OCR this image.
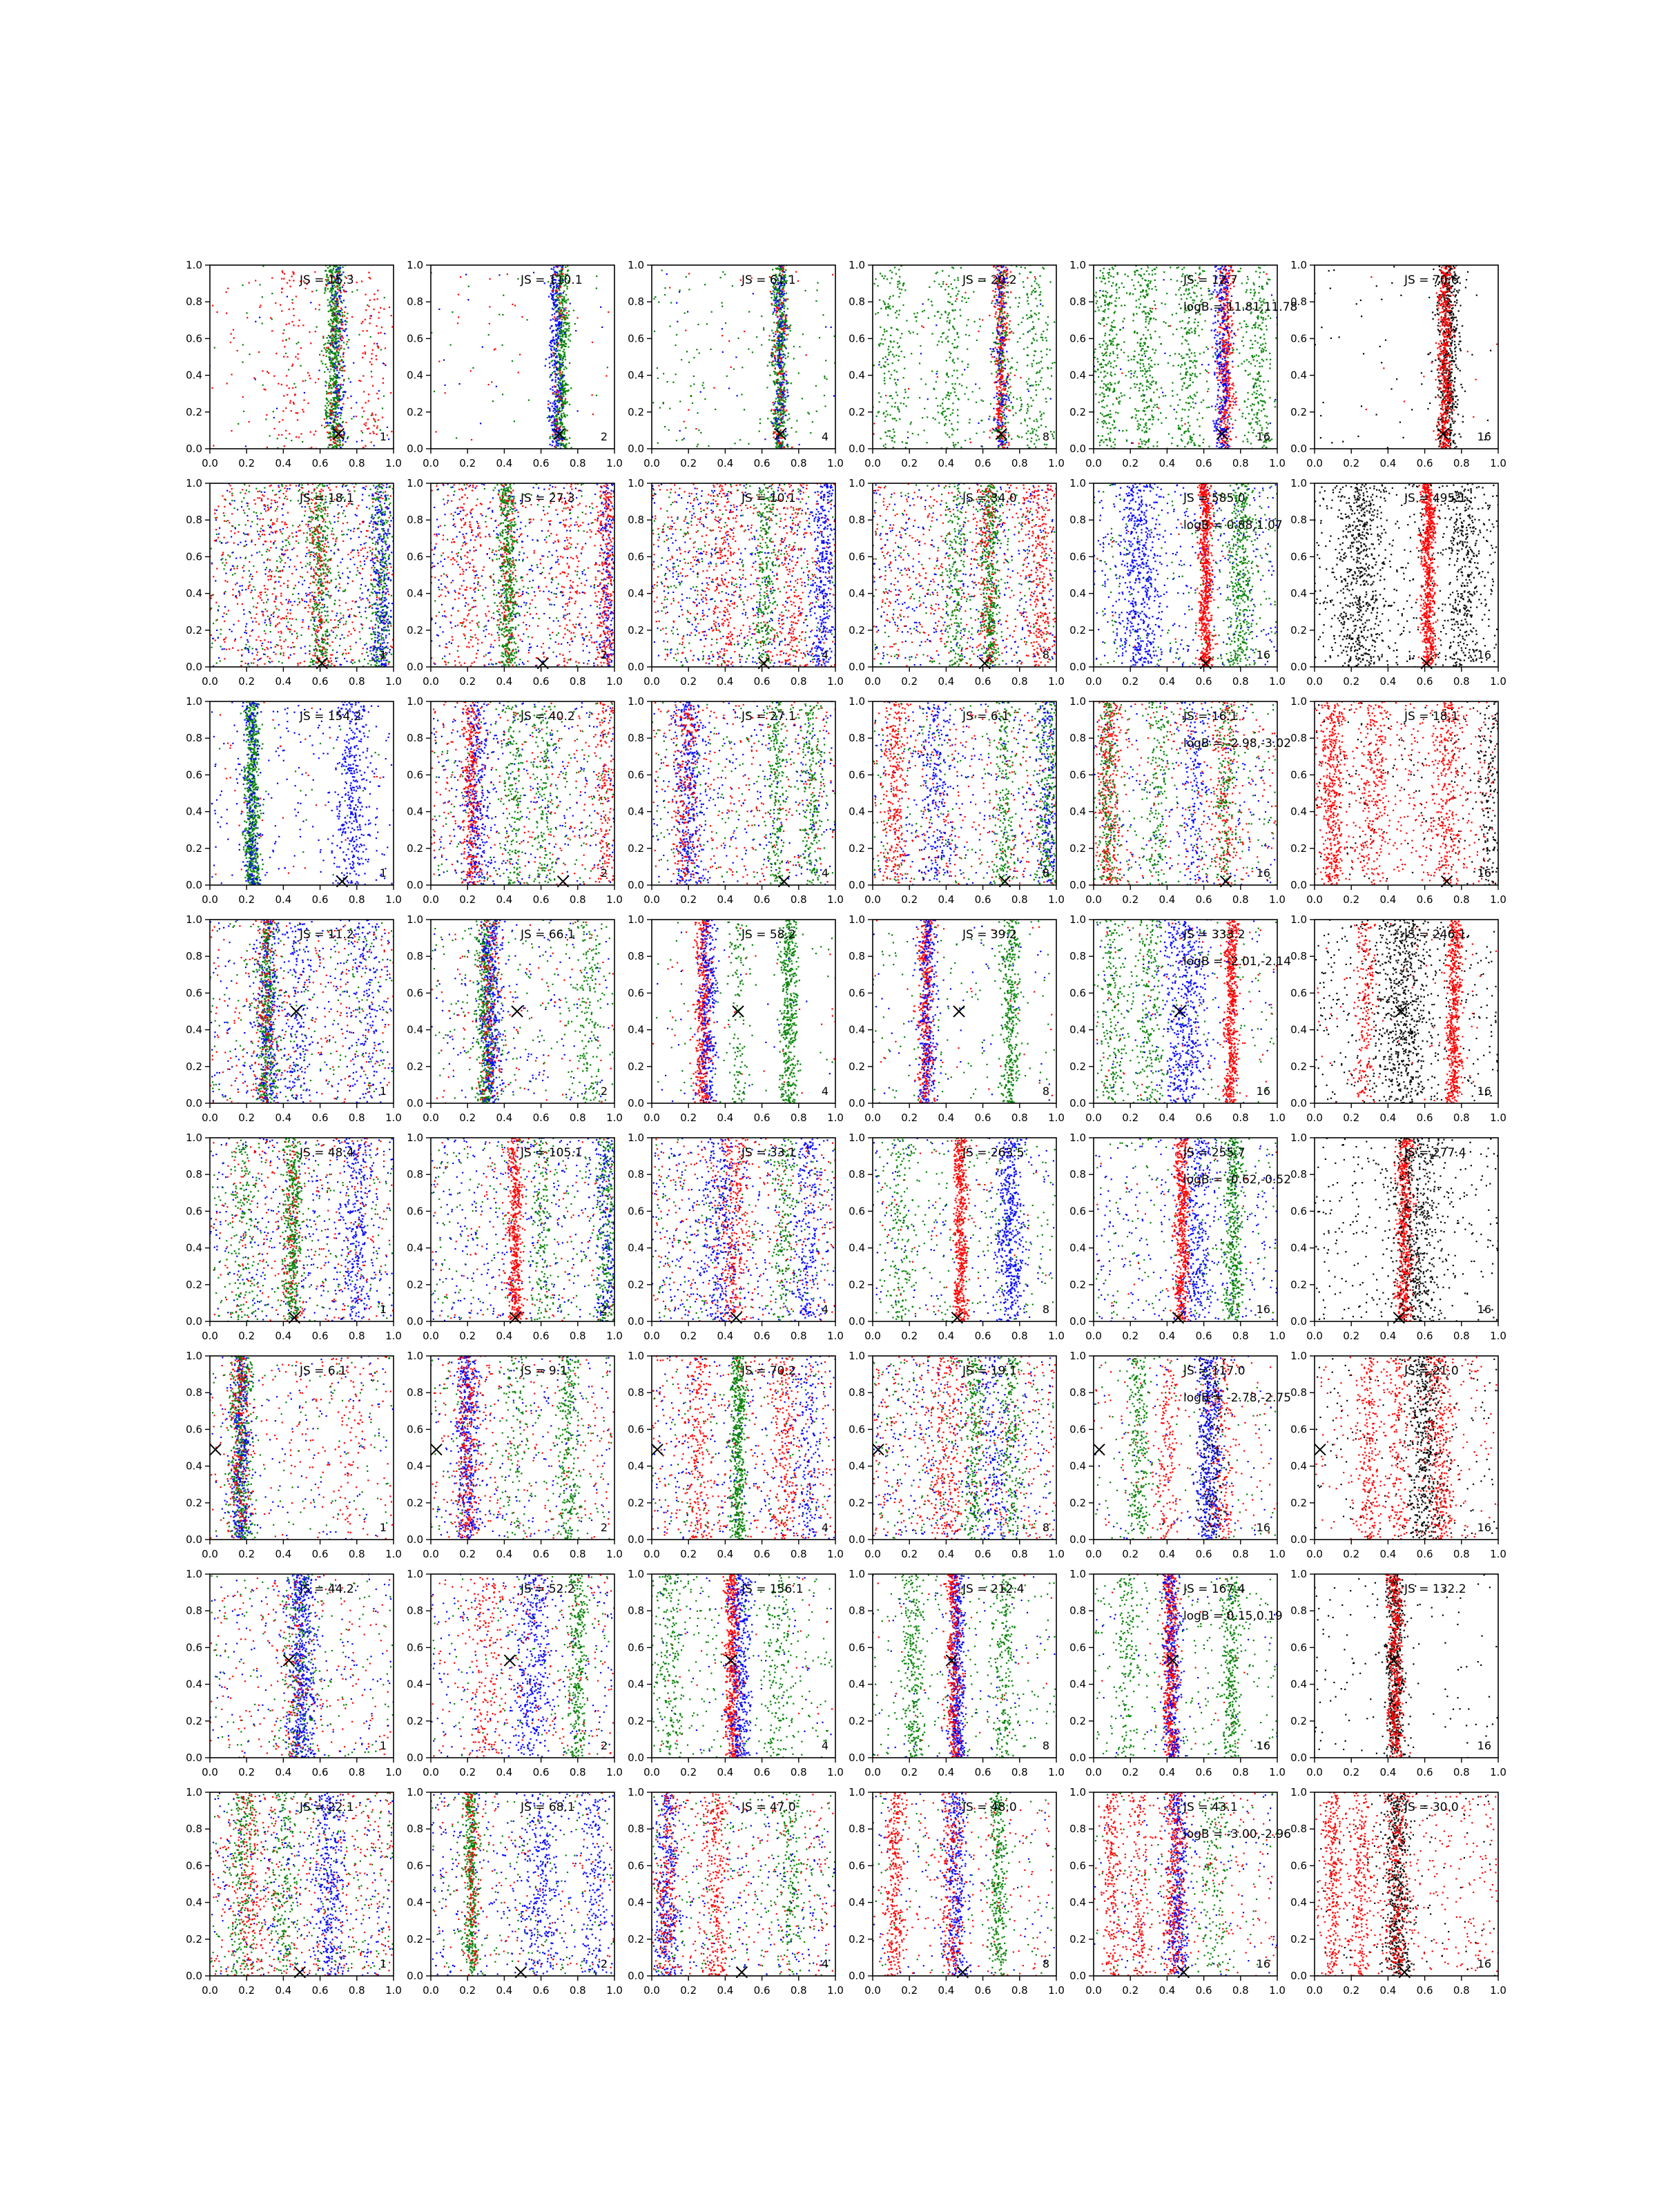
0.0
0.0
0.2
0.2
0.4
0.4
0.6
0.6
0.8
0.8
1.0
1.0
JS = 15.3
1
0.0
0.0
0.2
0.2
0.4
0.4
0.6
0.6
0.8
0.8
1.0
1.0
JS = 110.1
2
0.0
0.0
0.2
0.2
0.4
0.4
0.6
0.6
0.8
0.8
1.0
1.0
JS = 61.1
4
0.0
0.0
0.2
0.2
0.4
0.4
0.6
0.6
0.8
0.8
1.0
1.0
JS = 20.2
8
0.0
0.0
0.2
0.2
0.4
0.4
0.6
0.6
0.8
0.8
1.0
1.0
JS = 12.7
logB = 11.81,11.78
16
0.0
0.0
0.2
0.2
0.4
0.4
0.6
0.6
0.8
0.8
1.0
1.0
JS = 70.6
16
0.0
0.0
0.2
0.2
0.4
0.4
0.6
0.6
0.8
0.8
1.0
1.0
JS = 18.1
1
0.0
0.0
0.2
0.2
0.4
0.4
0.6
0.6
0.8
0.8
1.0
1.0
JS = 27.3
2
0.0
0.0
0.2
0.2
0.4
0.4
0.6
0.6
0.8
0.8
1.0
1.0
JS = 10.1
4
0.0
0.0
0.2
0.2
0.4
0.4
0.6
0.6
0.8
0.8
1.0
1.0
JS = 34.0
8
0.0
0.0
0.2
0.2
0.4
0.4
0.6
0.6
0.8
0.8
1.0
1.0
JS = 585.0
logB = 0.88,1.07
16
0.0
0.0
0.2
0.2
0.4
0.4
0.6
0.6
0.8
0.8
1.0
1.0
JS = 495.1
16
0.0
0.0
0.2
0.2
0.4
0.4
0.6
0.6
0.8
0.8
1.0
1.0
JS = 154.2
1
0.0
0.0
0.2
0.2
0.4
0.4
0.6
0.6
0.8
0.8
1.0
1.0
JS = 40.2
2
0.0
0.0
0.2
0.2
0.4
0.4
0.6
0.6
0.8
0.8
1.0
1.0
JS = 27.1
4
0.0
0.0
0.2
0.2
0.4
0.4
0.6
0.6
0.8
0.8
1.0
1.0
JS = 6.1
8
0.0
0.0
0.2
0.2
0.4
0.4
0.6
0.6
0.8
0.8
1.0
1.0
JS = 16.1
logB = -2.98,-3.02
16
0.0
0.0
0.2
0.2
0.4
0.4
0.6
0.6
0.8
0.8
1.0
1.0
JS = 18.1
16
0.0
0.0
0.2
0.2
0.4
0.4
0.6
0.6
0.8
0.8
1.0
1.0
JS = 11.2
1
0.0
0.0
0.2
0.2
0.4
0.4
0.6
0.6
0.8
0.8
1.0
1.0
JS = 66.1
2
0.0
0.0
0.2
0.2
0.4
0.4
0.6
0.6
0.8
0.8
1.0
1.0
JS = 58.2
4
0.0
0.0
0.2
0.2
0.4
0.4
0.6
0.6
0.8
0.8
1.0
1.0
JS = 39.2
8
0.0
0.0
0.2
0.2
0.4
0.4
0.6
0.6
0.8
0.8
1.0
1.0
JS = 333.2
logB = -2.01,-2.14
16
0.0
0.0
0.2
0.2
0.4
0.4
0.6
0.6
0.8
0.8
1.0
1.0
JS = 246.1
16
0.0
0.0
0.2
0.2
0.4
0.4
0.6
0.6
0.8
0.8
1.0
1.0
JS = 48.4
1
0.0
0.0
0.2
0.2
0.4
0.4
0.6
0.6
0.8
0.8
1.0
1.0
JS = 105.1
2
0.0
0.0
0.2
0.2
0.4
0.4
0.6
0.6
0.8
0.8
1.0
1.0
JS = 33.1
4
0.0
0.0
0.2
0.2
0.4
0.4
0.6
0.6
0.8
0.8
1.0
1.0
JS = 263.5
8
0.0
0.0
0.2
0.2
0.4
0.4
0.6
0.6
0.8
0.8
1.0
1.0
JS = 255.7
logB = -0.62,-0.52
16
0.0
0.0
0.2
0.2
0.4
0.4
0.6
0.6
0.8
0.8
1.0
1.0
JS = 277.4
16
0.0
0.0
0.2
0.2
0.4
0.4
0.6
0.6
0.8
0.8
1.0
1.0
JS = 6.1
1
0.0
0.0
0.2
0.2
0.4
0.4
0.6
0.6
0.8
0.8
1.0
1.0
JS = 9.1
2
0.0
0.0
0.2
0.2
0.4
0.4
0.6
0.6
0.8
0.8
1.0
1.0
JS = 70.2
4
0.0
0.0
0.2
0.2
0.4
0.4
0.6
0.6
0.8
0.8
1.0
1.0
JS = 19.1
8
0.0
0.0
0.2
0.2
0.4
0.4
0.6
0.6
0.8
0.8
1.0
1.0
JS = 117.0
logB = -2.78,-2.75
16
0.0
0.0
0.2
0.2
0.4
0.4
0.6
0.6
0.8
0.8
1.0
1.0
JS = 21.0
16
0.0
0.0
0.2
0.2
0.4
0.4
0.6
0.6
0.8
0.8
1.0
1.0
JS = 44.2
1
0.0
0.0
0.2
0.2
0.4
0.4
0.6
0.6
0.8
0.8
1.0
1.0
JS = 52.2
2
0.0
0.0
0.2
0.2
0.4
0.4
0.6
0.6
0.8
0.8
1.0
1.0
JS = 156.1
4
0.0
0.0
0.2
0.2
0.4
0.4
0.6
0.6
0.8
0.8
1.0
1.0
JS = 212.4
8
0.0
0.0
0.2
0.2
0.4
0.4
0.6
0.6
0.8
0.8
1.0
1.0
JS = 167.4
logB = 0.15,0.19
16
0.0
0.0
0.2
0.2
0.4
0.4
0.6
0.6
0.8
0.8
1.0
1.0
JS = 132.2
16
0.0
0.0
0.2
0.2
0.4
0.4
0.6
0.6
0.8
0.8
1.0
1.0
JS = 22.1
1
0.0
0.0
0.2
0.2
0.4
0.4
0.6
0.6
0.8
0.8
1.0
1.0
JS = 68.1
2
0.0
0.0
0.2
0.2
0.4
0.4
0.6
0.6
0.8
0.8
1.0
1.0
JS = 47.0
4
0.0
0.0
0.2
0.2
0.4
0.4
0.6
0.6
0.8
0.8
1.0
1.0
JS = 48.0
8
0.0
0.0
0.2
0.2
0.4
0.4
0.6
0.6
0.8
0.8
1.0
1.0
JS = 43.1
logB = -3.00,-2.96
16
0.0
0.0
0.2
0.2
0.4
0.4
0.6
0.6
0.8
0.8
1.0
1.0
JS = 30.0
16
